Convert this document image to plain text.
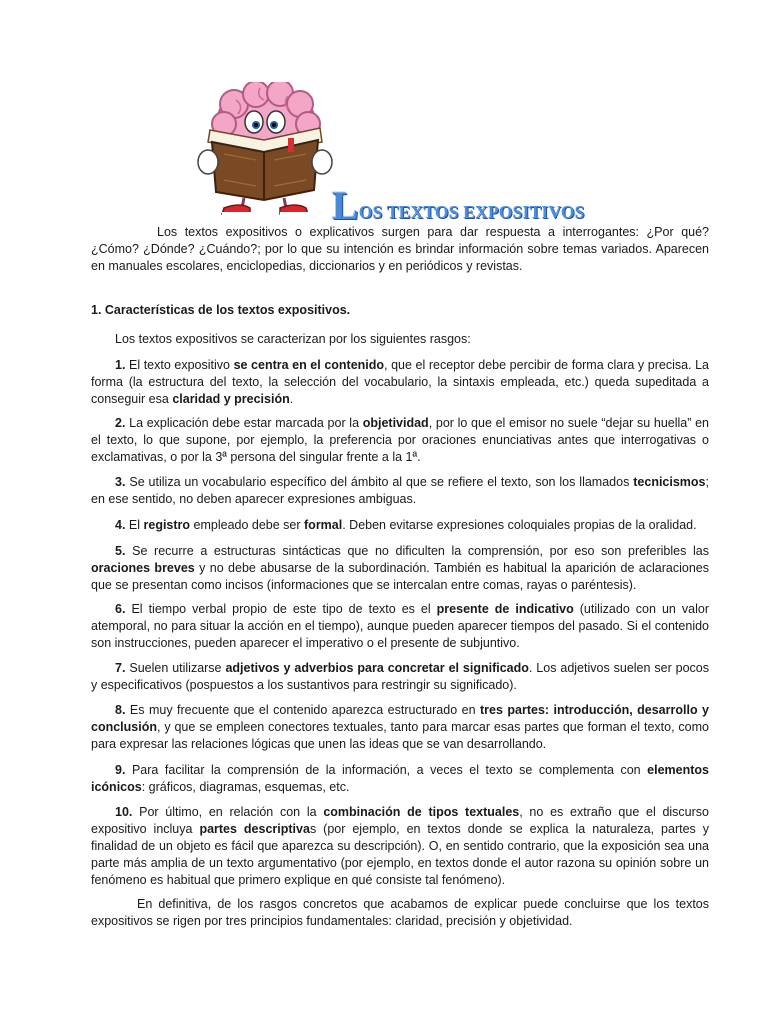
L OS TEXTOS EXPOSITIVOS

Los textos expositivos o explicativos surgen para dar respuesta a interrogantes: ¿Por qué? ¿Cómo? ¿Dónde? ¿Cuándo?; por lo que su intención es brindar información sobre temas variados. Aparecen en manuales escolares, enciclopedias, diccionarios y en periódicos y revistas.

1. Características de los textos expositivos.
Los textos expositivos se caracterizan por los siguientes rasgos:
1. El texto expositivo se centra en el contenido, que el receptor debe percibir de forma clara y precisa. La forma (la estructura del texto, la selección del vocabulario, la sintaxis empleada, etc.) queda supeditada a conseguir esa claridad y precisión.
2. La explicación debe estar marcada por la objetividad, por lo que el emisor no suele “dejar su huella” en el texto, lo que supone, por ejemplo, la preferencia por oraciones enunciativas antes que interrogativas o exclamativas, o por la 3ª persona del singular frente a la 1ª.
3. Se utiliza un vocabulario específico del ámbito al que se refiere el texto, son los llamados tecnicismos; en ese sentido, no deben aparecer expresiones ambiguas.
4. El registro empleado debe ser formal. Deben evitarse expresiones coloquiales propias de la oralidad.
5. Se recurre a estructuras sintácticas que no dificulten la comprensión, por eso son preferibles las oraciones breves y no debe abusarse de la subordinación. También es habitual la aparición de aclaraciones que se presentan como incisos (informaciones que se intercalan entre comas, rayas o paréntesis).
6. El tiempo verbal propio de este tipo de texto es el presente de indicativo (utilizado con un valor atemporal, no para situar la acción en el tiempo), aunque pueden aparecer tiempos del pasado. Si el contenido son instrucciones, pueden aparecer el imperativo o el presente de subjuntivo.
7. Suelen utilizarse adjetivos y adverbios para concretar el significado. Los adjetivos suelen ser pocos y especificativos (pospuestos a los sustantivos para restringir su significado).
8. Es muy frecuente que el contenido aparezca estructurado en tres partes: introducción, desarrollo y conclusión, y que se empleen conectores textuales, tanto para marcar esas partes que forman el texto, como para expresar las relaciones lógicas que unen las ideas que se van desarrollando.
9. Para facilitar la comprensión de la información, a veces el texto se complementa con elementos icónicos: gráficos, diagramas, esquemas, etc.
10. Por último, en relación con la combinación de tipos textuales, no es extraño que el discurso expositivo incluya partes descriptivas (por ejemplo, en textos donde se explica la naturaleza, partes y finalidad de un objeto es fácil que aparezca su descripción). O, en sentido contrario, que la exposición sea una parte más amplia de un texto argumentativo (por ejemplo, en textos donde el autor razona su opinión sobre un fenómeno es habitual que primero explique en qué consiste tal fenómeno).

En definitiva, de los rasgos concretos que acabamos de explicar puede concluirse que los textos expositivos se rigen por tres principios fundamentales: claridad, precisión y objetividad.
